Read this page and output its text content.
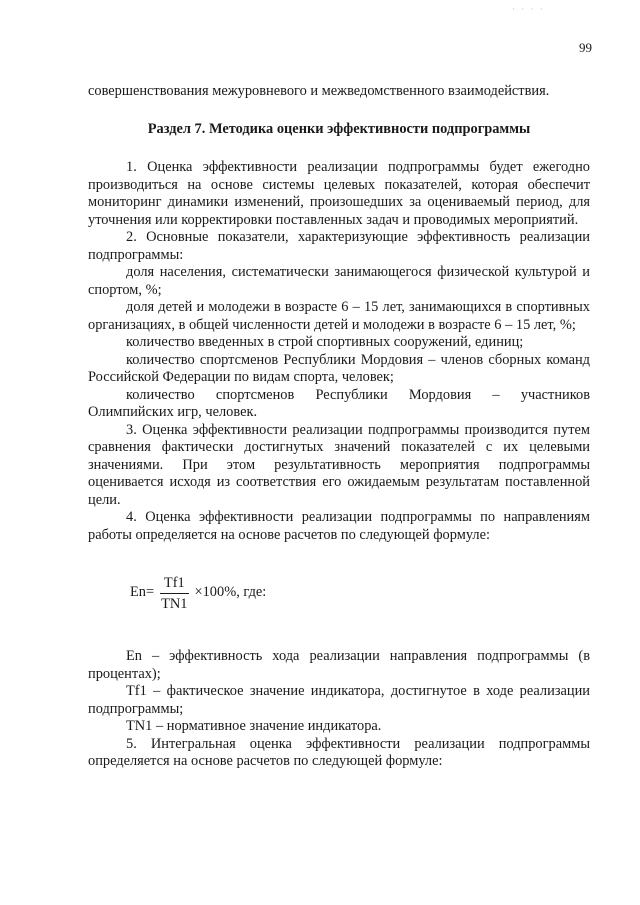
· · · ·
99

совершенствования межуровневого и межведомственного взаимодействия.

Раздел 7. Методика оценки эффективности подпрограммы

1. Оценка эффективности реализации подпрограммы будет ежегодно производиться на основе системы целевых показателей, которая обеспечит мониторинг динамики изменений, произошедших за оцениваемый период, для уточнения или корректировки поставленных задач и проводимых мероприятий.

2. Основные показатели, характеризующие эффективность реализации подпрограммы:

доля населения, систематически занимающегося физической культурой и спортом, %;

доля детей и молодежи в возрасте 6 – 15 лет, занимающихся в спортивных организациях, в общей численности детей и молодежи в возрасте 6 – 15 лет, %;

количество введенных в строй спортивных сооружений, единиц;

количество спортсменов Республики Мордовия – членов сборных команд Российской Федерации по видам спорта, человек;

количество спортсменов Республики Мордовия – участников Олимпийских игр, человек.

3. Оценка эффективности реализации подпрограммы производится путем сравнения фактически достигнутых значений показателей с их целевыми значениями. При этом результативность мероприятия подпрограммы оценивается исходя из соответствия его ожидаемым результатам поставленной цели.

4. Оценка эффективности реализации подпрограммы по направлениям работы определяется на основе расчетов по следующей формуле:

$En= \frac{Tf1}{TN1} \times 100\%$, где:

En – эффективность хода реализации направления подпрограммы (в процентах);

Tf1 – фактическое значение индикатора, достигнутое в ходе реализации подпрограммы;

TN1 – нормативное значение индикатора.

5. Интегральная оценка эффективности реализации подпрограммы определяется на основе расчетов по следующей формуле:
